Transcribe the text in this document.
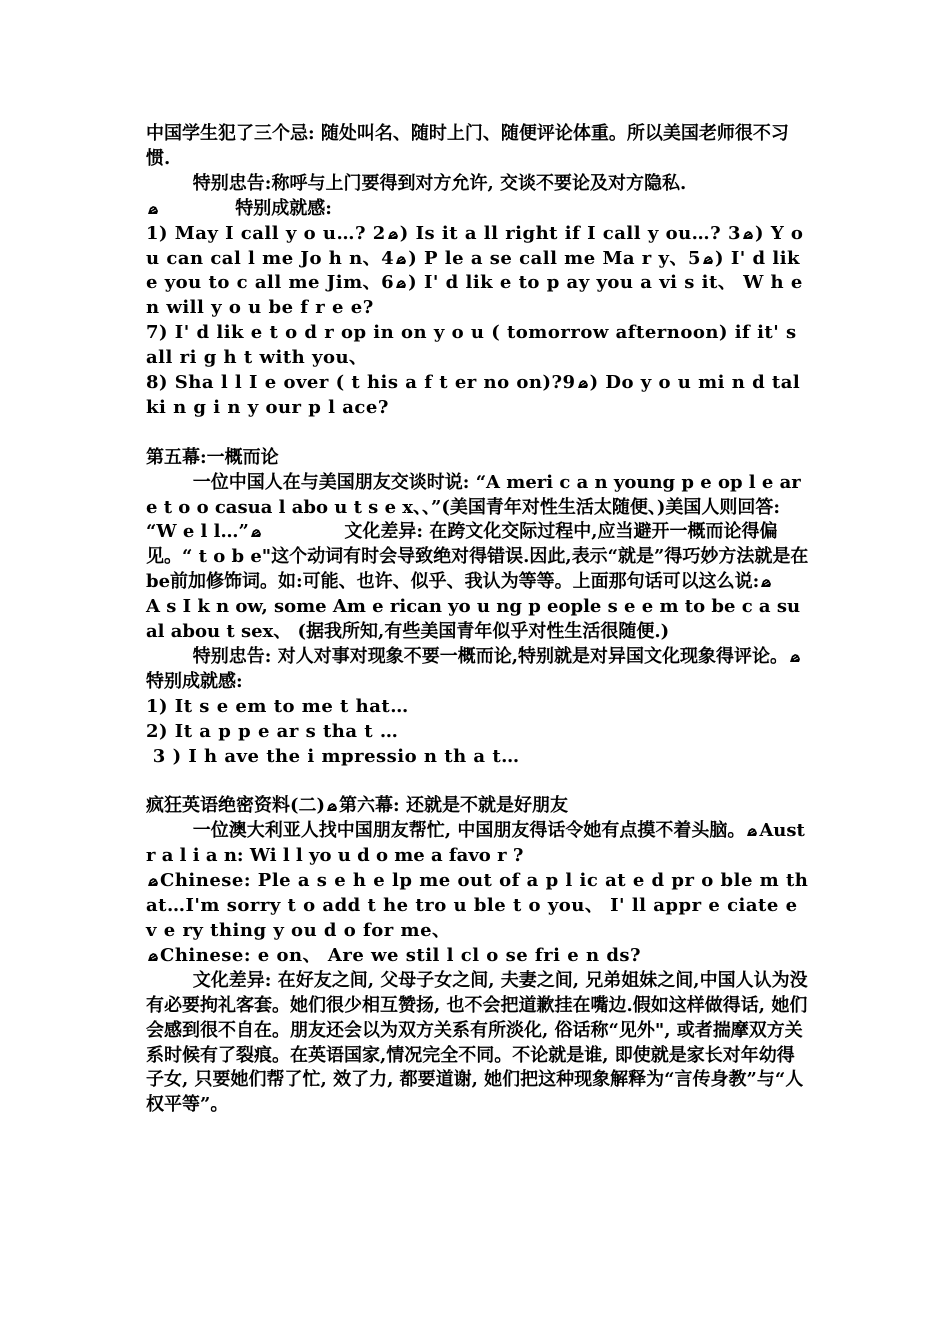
中国学生犯了三个忌: 随处叫名、随时上门、随便评论体重。所以美国老师很不习惯.

特别忠告:称呼与上门要得到对方允许, 交谈不要论及对方隐私.

特别成就感:

1) May I call y o u…? 2 ) Is it a ll right if I call y ou…? 3 ) Y o u can cal l me Jo h n、4 ) P le a se call me Ma r y、5 ) I' d lik e you to c all me Jim、6 ) I' d lik e to p ay you a vi s it、 W h en will y o u be f r e e?

7) I' d lik e t o d r op in on y o u ( tomorrow afternoon) if it' s all ri g h t with you、

8) Sha l l I e over ( t his a f t er no on)?9 ) Do y o u mi n d talki n g i n y our p l ace?

第五幕:一概而论

一位中国人在与美国朋友交谈时说: “A meri c a n young p e op l e are t o o casua l abo u t s e x、、”(美国青年对性生活太随便、)美国人则回答: “W e l l…”	文化差异: 在跨文化交际过程中,应当避开一概而论得偏见。“ t o b e"这个动词有时会导致绝对得错误.因此,表示“就是”得巧妙方法就是在be前加修饰词。如:可能、也许、似乎、我认为等等。上面那句话可以这么说:
A s I k n ow, some Am e rican yo u ng p eople s e e m to be c a sual abou t sex、 (据我所知,有些美国青年似乎对性生活很随便.)

特别忠告: 对人对事对现象不要一概而论,特别就是对异国文化现象得评论。
特别成就感:

1) It s e em to me t hat…

2) It a p p e ar s tha t …

3 ) I h ave the i mpressio n th a t…

疯狂英语绝密资料(二) 第六幕: 还就是不就是好朋友

一位澳大利亚人找中国朋友帮忙, 中国朋友得话令她有点摸不着头脑。 Aust r a l i a n: Wi l l yo u d o me a favo r ?

Chinese: Ple a s e h e lp me out of a p l ic at e d pr o ble m that…I'm sorry t o add t he tro u ble t o you、 I' ll appr e ciate e v e ry thing y ou d o for me、

Chinese: e on、 Are we stil l cl o se fri e n ds?

文化差异: 在好友之间, 父母子女之间, 夫妻之间, 兄弟姐妹之间,中国人认为没有必要拘礼客套。她们很少相互赞扬, 也不会把道歉挂在嘴边.假如这样做得话, 她们会感到很不自在。朋友还会以为双方关系有所淡化, 俗话称“见外", 或者揣摩双方关系时候有了裂痕。在英语国家,情况完全不同。不论就是谁, 即使就是家长对年幼得子女, 只要她们帮了忙, 效了力, 都要道谢, 她们把这种现象解释为“言传身教”与“人权平等”。
